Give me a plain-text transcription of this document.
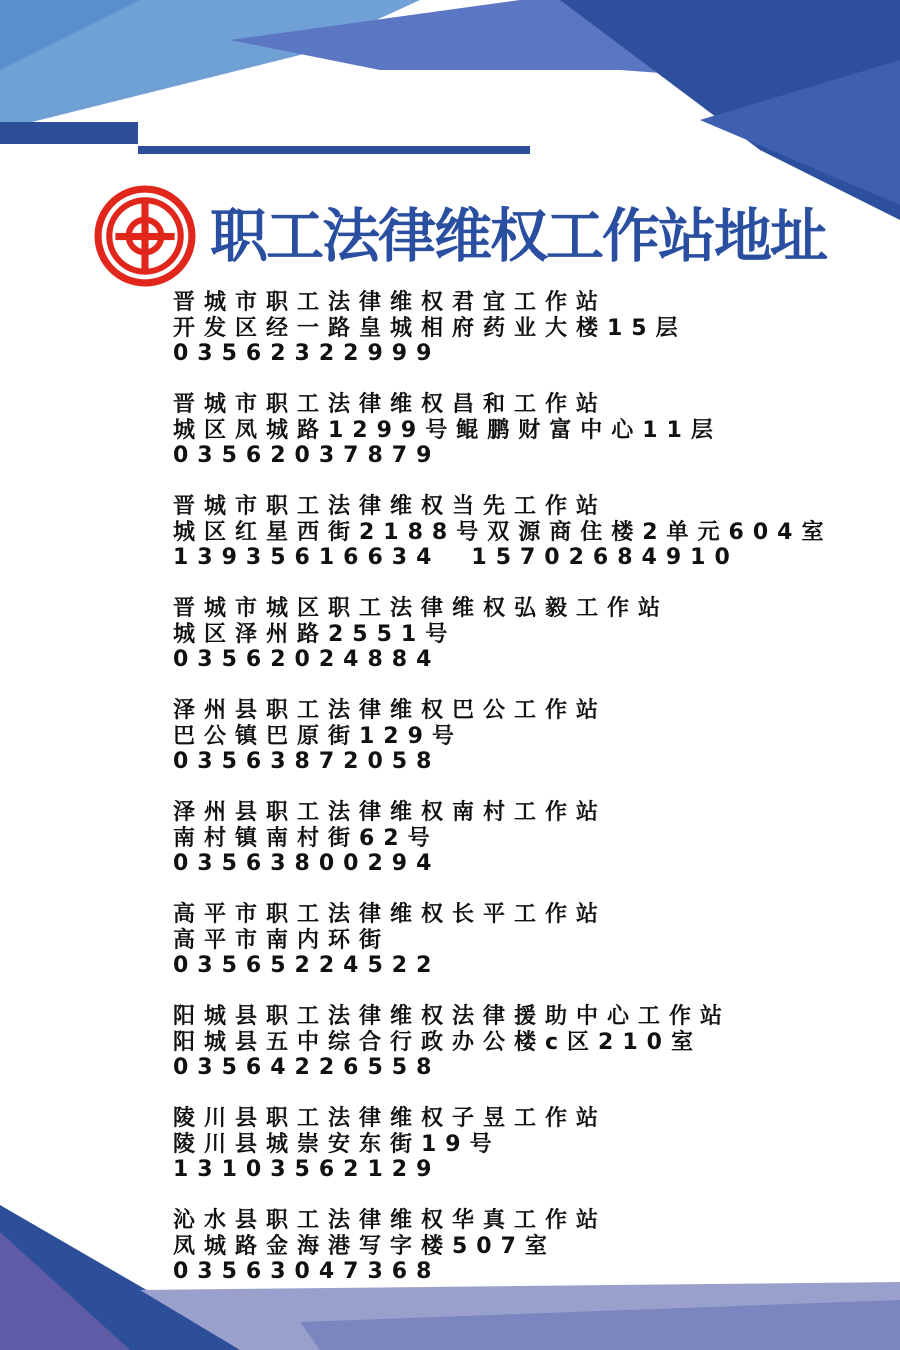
职工法律维权工作站地址
晋城市职工法律维权君宜工作站
开发区经一路皇城相府药业大楼15层
03562322999
晋城市职工法律维权昌和工作站
城区凤城路1299号鲲鹏财富中心11层
03562037879
晋城市职工法律维权当先工作站
城区红星西街2188号双源商住楼2单元604室
13935616634　15702684910
晋城市城区职工法律维权弘毅工作站
城区泽州路2551号
03562024884
泽州县职工法律维权巴公工作站
巴公镇巴原街129号
03563872058
泽州县职工法律维权南村工作站
南村镇南村街62号
03563800294
高平市职工法律维权长平工作站
高平市南内环街
03565224522
阳城县职工法律维权法律援助中心工作站
阳城县五中综合行政办公楼c区210室
03564226558
陵川县职工法律维权子昱工作站
陵川县城崇安东街19号
13103562129
沁水县职工法律维权华真工作站
凤城路金海港写字楼507室
03563047368
